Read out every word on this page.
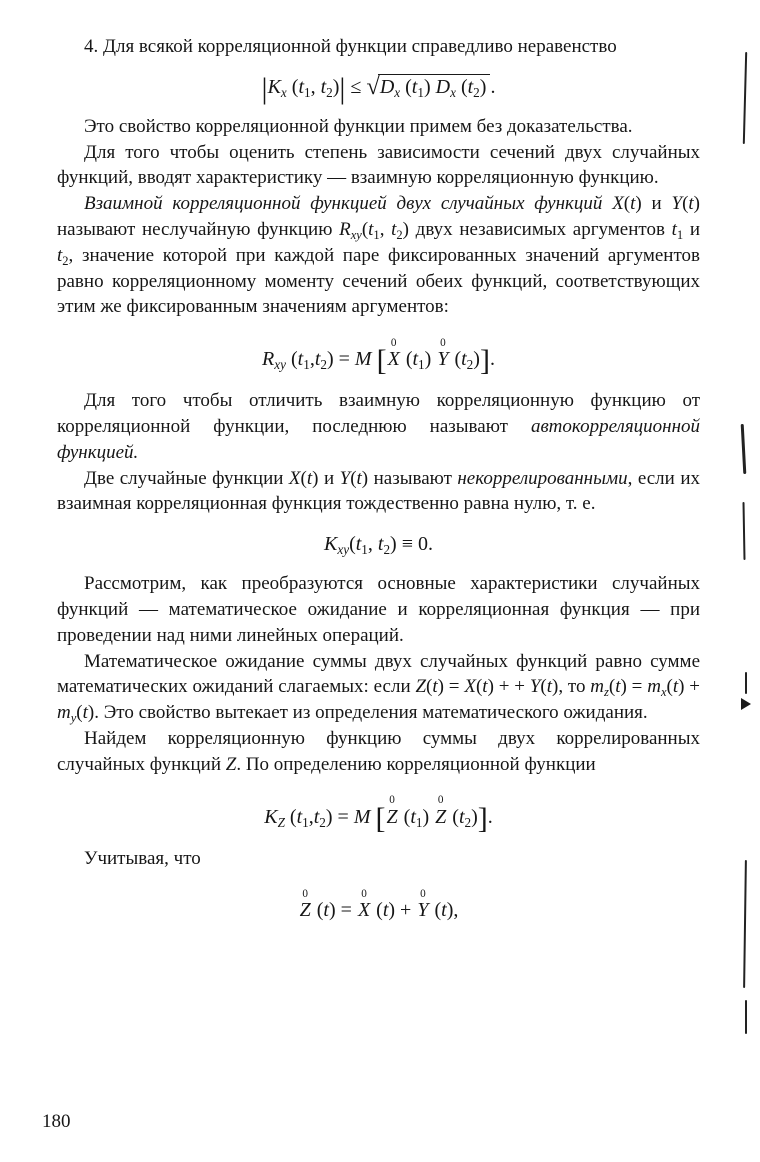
4. Для всякой корреляционной функции справедливо неравенство

$|K_x$ ($t_1$, $t_2)| \le √D_x$ $(t_1)$ $D_x$ $(t_2)$ .

Это свойство корреляционной функции примем без доказательства.

Для того чтобы оценить степень зависимости сечений двух случайных функций, вводят характеристику — взаимную корреляционную функцию.

Взаимной корреляционной функцией двух случайных функций X(t) и Y(t) называют неслучайную функцию $R_{xy}(t_1$, $t_2$) двух независимых аргументов $t_1$ и $t_2$, значение которой при каждой паре фиксированных значений аргументов равно корреляционному моменту сечений обеих функций, соответствующих этим же фиксированным значениям аргументов:

$R_{xy}$ $(t_1,t_2) = M$ [
0
X $(t_1)$
0
Y $(t_2)$].

Для того чтобы отличить взаимную корреляционную функцию от корреляционной функции, последнюю называют автокорреляционной функцией.

Две случайные функции X(t) и Y(t) называют некоррелированными, если их взаимная корреляционная функция тождественно равна нулю, т. е.

$K_{xy}(t_1$, $t_2) \equiv 0$.

Рассмотрим, как преобразуются основные характеристики случайных функций — математическое ожидание и корреляционная функция — при проведении над ними линейных операций.

Математическое ожидание суммы двух случайных функций равно сумме математических ожиданий слагаемых: если Z(t) = X(t) + + Y(t), то $m_z(t) = m_x(t) + m_y(t)$. Это свойство вытекает из определения математического ожидания.

Найдем корреляционную функцию суммы двух коррелированных случайных функций Z. По определению корреляционной функции

$K_Z$ $(t_1,t_2) = M$ [
0
Z $(t_1)$
0
Z $(t_2)$].

Учитывая, что

0
Z (t) =
0
X (t) +
0
Y (t),
180
